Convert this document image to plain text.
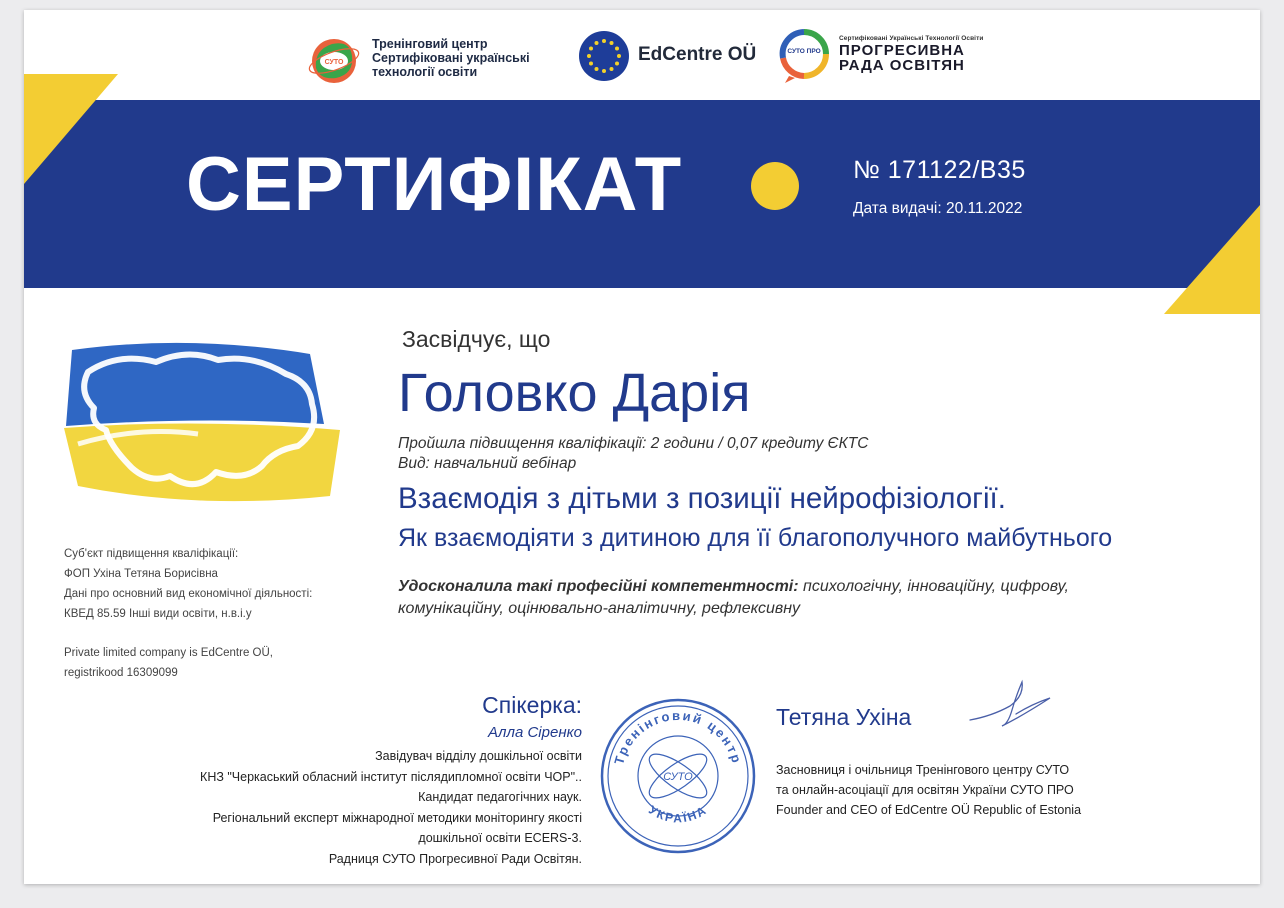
СУТО
Тренінговий центр
Сертифіковані українські
технології освіти
EdCentre OÜ	СУТО ПРО
Сертифіковані Українські Технології Освіти
ПРОГРЕСИВНА
РАДА ОСВІТЯН
СЕРТИФІКАТ	№ 171122/В35
Дата видачі: 20.11.2022
Засвідчує, що
Головко Дарія
Пройшла підвищення кваліфікації: 2 години / 0,07 кредиту ЄКТС
Вид: навчальний вебінар
Взаємодія з дітьми з позиції нейрофізіології.
Як взаємодіяти з дитиною для її благополучного майбутнього
Удосконалила такі професійні компетентності: психологічну, інноваційну, цифрову, комунікаційну, оцінювально-аналітичну, рефлексивну

Суб'єкт підвищення кваліфікації:

ФОП Ухіна Тетяна Борисівна

Дані про основний вид економічної діяльності:

КВЕД 85.59 Інші види освіти, н.в.і.у

Private limited company is EdCentre OÜ,

registrikood 16309099

Спікерка:
Алла Сіренко

Завідувач відділу дошкільної освіти

КНЗ "Черкаський обласний інститут післядипломної освіти ЧОР"..

Кандидат педагогічних наук.

Регіональний експерт міжнародної методики моніторингу якості

дошкільної освіти ECERS-3.

Радниця СУТО Прогресивної Ради Освітян.

Тренінговий центр
УКРАЇНА
СУТО
Тетяна Ухіна

Засновниця і очільниця Тренінгового центру СУТО

та онлайн-асоціації для освітян України СУТО ПРО

Founder and CEO of EdCentre OÜ Republic of Estonia
